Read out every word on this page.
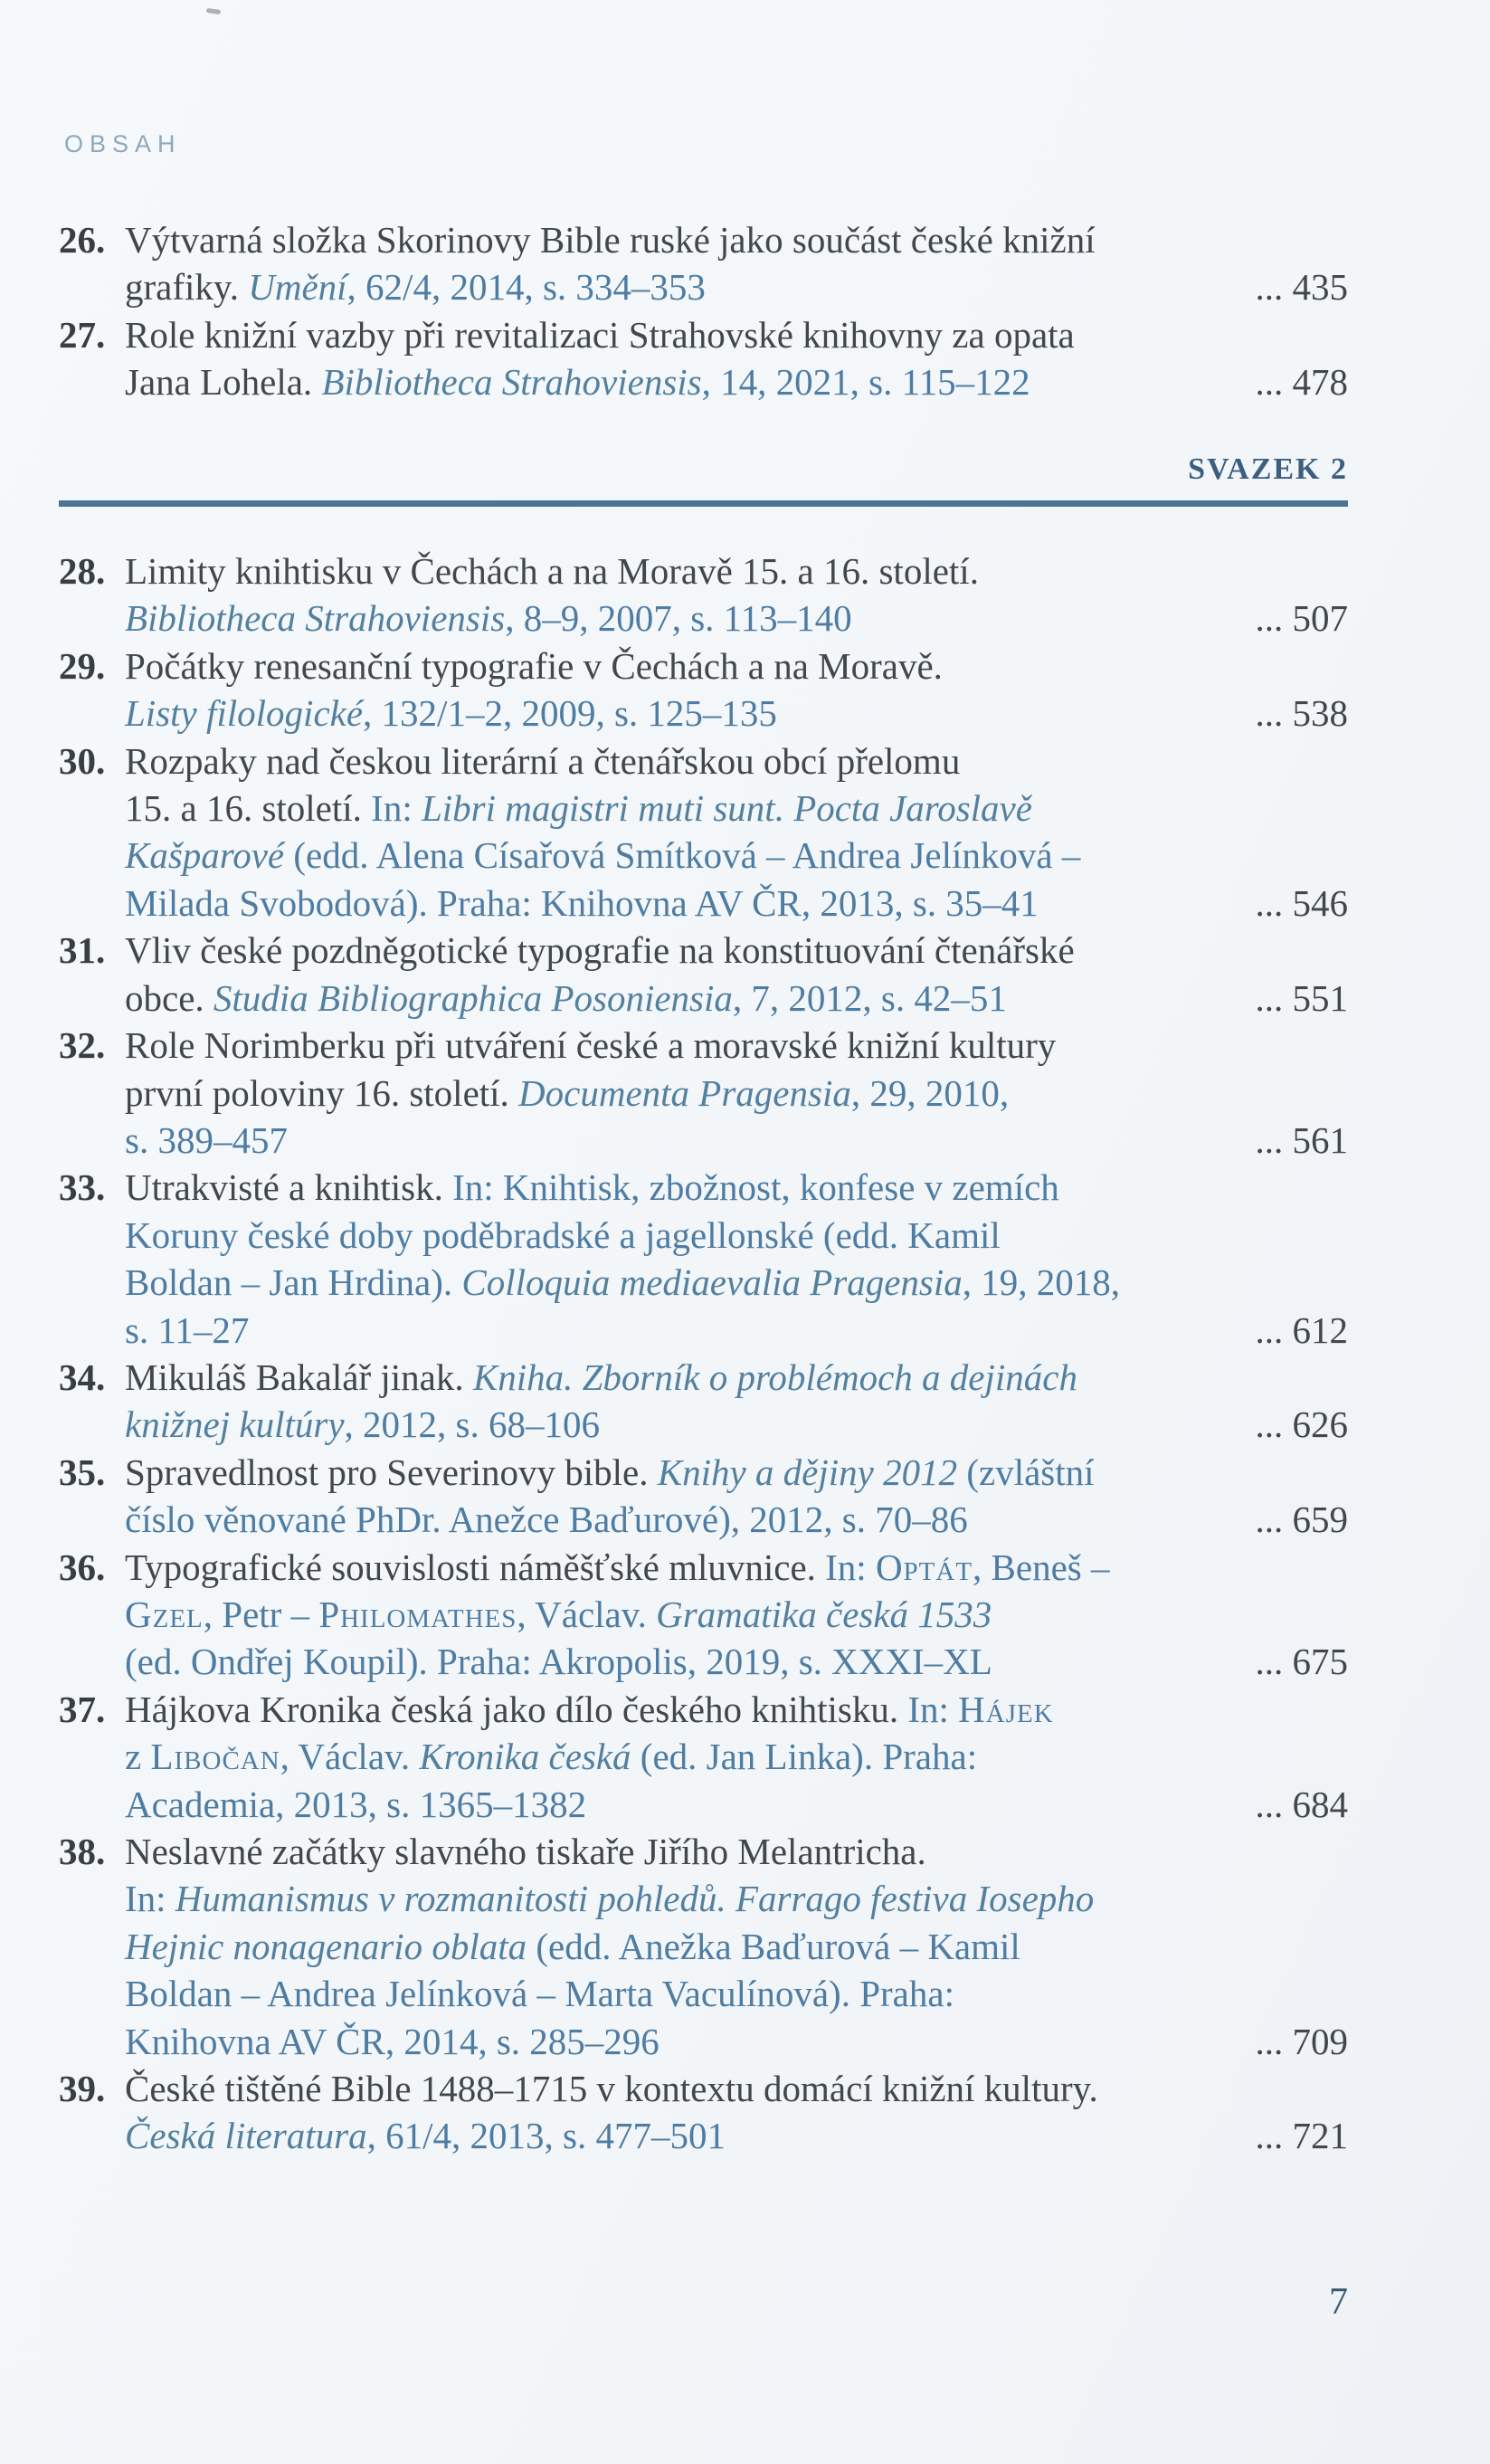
OBSAH
26. Výtvarná složka Skorinovy Bible ruské jako součást české knižní
grafiky. Umění, 62/4, 2014, s. 334–353	... 435
27. Role knižní vazby při revitalizaci Strahovské knihovny za opata
Jana Lohela. Bibliotheca Strahoviensis, 14, 2021, s. 115–122	... 478
SVAZEK 2
28. Limity knihtisku v Čechách a na Moravě 15. a 16. století.
Bibliotheca Strahoviensis, 8–9, 2007, s. 113–140	... 507
29. Počátky renesanční typografie v Čechách a na Moravě.
Listy filologické, 132/1–2, 2009, s. 125–135	... 538
30. Rozpaky nad českou literární a čtenářskou obcí přelomu
15. a 16. století. In: Libri magistri muti sunt. Pocta Jaroslavě
Kašparové (edd. Alena Císařová Smítková – Andrea Jelínková –
Milada Svobodová). Praha: Knihovna AV ČR, 2013, s. 35–41	... 546
31. Vliv české pozdněgotické typografie na konstituování čtenářské
obce. Studia Bibliographica Posoniensia, 7, 2012, s. 42–51	... 551
32. Role Norimberku při utváření české a moravské knižní kultury
první poloviny 16. století. Documenta Pragensia, 29, 2010,
s. 389–457	... 561
33. Utrakvisté a knihtisk. In: Knihtisk, zbožnost, konfese v zemích
Koruny české doby poděbradské a jagellonské (edd. Kamil
Boldan – Jan Hrdina). Colloquia mediaevalia Pragensia, 19, 2018,
s. 11–27	... 612
34. Mikuláš Bakalář jinak. Kniha. Zborník o problémoch a dejinách
knižnej kultúry, 2012, s. 68–106	... 626
35. Spravedlnost pro Severinovy bible. Knihy a dějiny 2012 (zvláštní
číslo věnované PhDr. Anežce Baďurové), 2012, s. 70–86	... 659
36. Typografické souvislosti náměšťské mluvnice. In: Optát, Beneš –
Gzel, Petr – Philomathes, Václav. Gramatika česká 1533
(ed. Ondřej Koupil). Praha: Akropolis, 2019, s. XXXI–XL	... 675
37. Hájkova Kronika česká jako dílo českého knihtisku. In: Hájek
z Libočan, Václav. Kronika česká (ed. Jan Linka). Praha:
Academia, 2013, s. 1365–1382	... 684
38. Neslavné začátky slavného tiskaře Jiřího Melantricha.
In: Humanismus v rozmanitosti pohledů. Farrago festiva Iosepho
Hejnic nonagenario oblata (edd. Anežka Baďurová – Kamil
Boldan – Andrea Jelínková – Marta Vaculínová). Praha:
Knihovna AV ČR, 2014, s. 285–296	... 709
39. České tištěné Bible 1488–1715 v kontextu domácí knižní kultury.
Česká literatura, 61/4, 2013, s. 477–501	... 721
7
